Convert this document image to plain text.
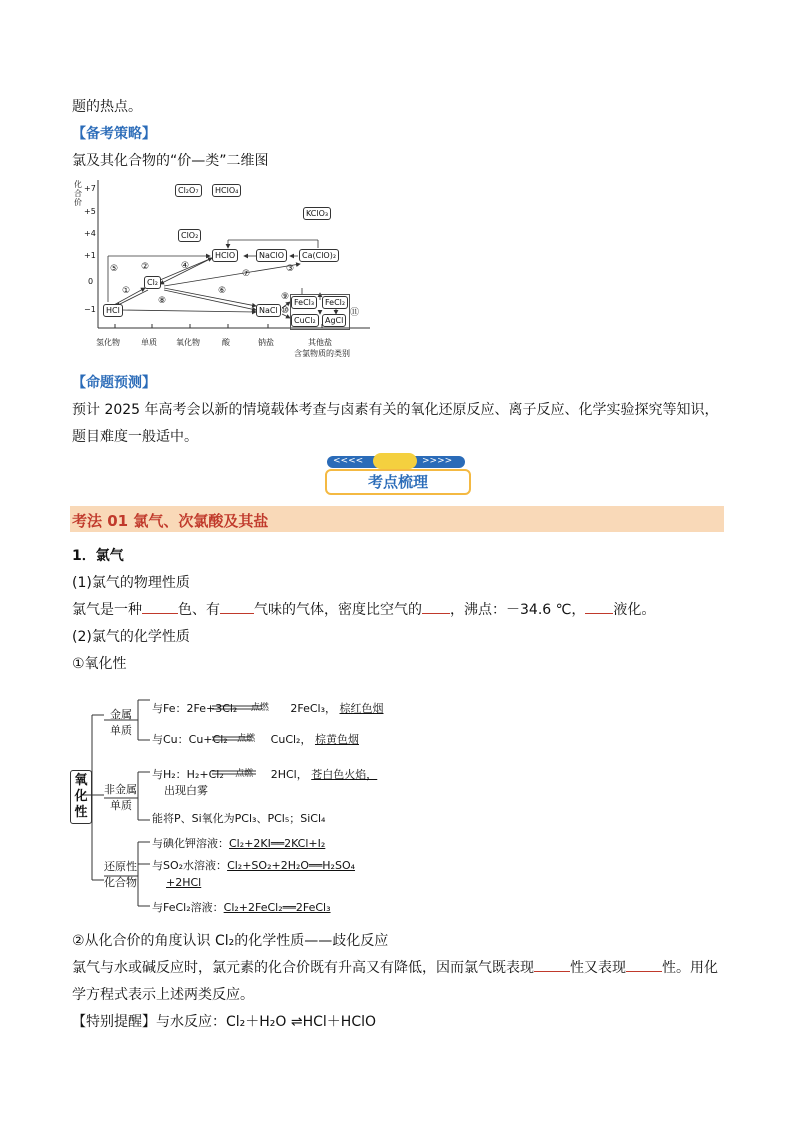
题的热点。
【备考策略】
氯及其化合物的“价—类”二维图
化合价
+7
+5
+4
+1
0
−1
氢化物	单质 氧化物	酸	钠盐	其他盐
含氯物质的类别
Cl₂O₇	HClO₄
KClO₃
ClO₂
HClO	NaClO	Ca(ClO)₂
Cl₂
HCl	NaCl
FeCl₃	FeCl₂
CuCl₂	AgCl
①
②	③
④
⑤
⑥
⑦
⑧	⑨
⑩	⑪
【命题预测】
预计 2025 年高考会以新的情境载体考查与卤素有关的氧化还原反应、离子反应、化学实验探究等知识，
题目难度一般适中。
<<<<	>>>>
考点梳理
考法 01 氯气、次氯酸及其盐
1．氯气
(1)氯气的物理性质
氯气是一种	色、有 气味的气体，密度比空气的 ，沸点：－34.6 ℃， 液化。
(2)氯气的化学性质
①氧化性
氧化性
金属
单质
与Fe：2Fe+3Cl₂ 点燃 2FeCl₃， 棕红色烟
与Cu：Cu+Cl₂ 点燃 CuCl₂， 棕黄色烟
非金属
单质
与H₂：H₂+Cl₂ 点燃 2HCl， 苍白色火焰，
出现白雾
能将P、Si氧化为PCl₃、PCl₅；SiCl₄
还原性
化合物
与碘化钾溶液：Cl₂+2KI══2KCl+I₂
与SO₂水溶液：Cl₂+SO₂+2H₂O══H₂SO₄
+2HCl
与FeCl₂溶液：Cl₂+2FeCl₂══2FeCl₃
②从化合价的角度认识 Cl₂的化学性质——歧化反应
氯气与水或碱反应时，氯元素的化合价既有升高又有降低，因而氯气既表现	性又表现	性。用化
学方程式表示上述两类反应。
【特别提醒】与水反应：Cl₂＋H₂O ⇌HCl＋HClO
